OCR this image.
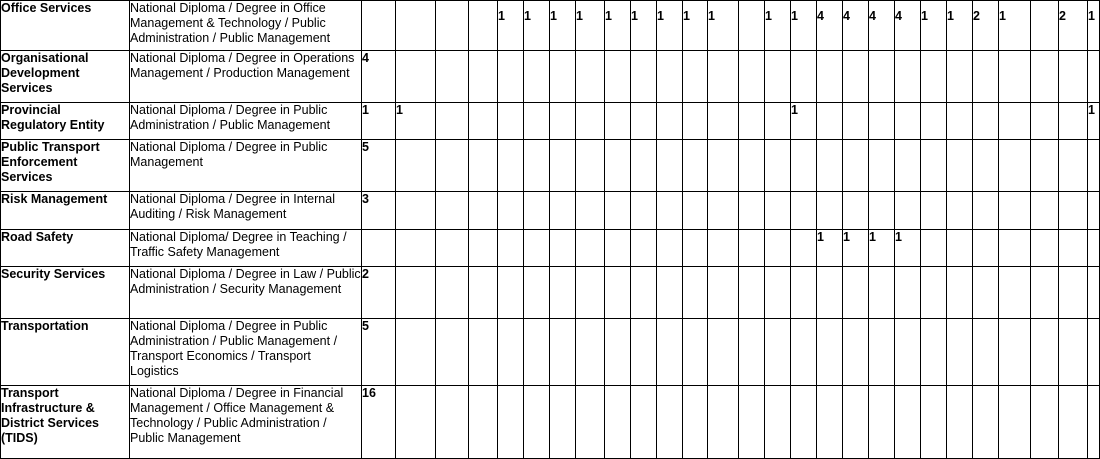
Office Services	National Diploma / Degree in Office Management & Technology / Public Administration / Public Management					1	1	1	1	1	1	1	1	1		1	1	4	4	4	4	1	1	2	1		2	1
Organisational Development Services	National Diploma / Degree in Operations Management / Production Management	4																										
Provincial Regulatory Entity	National Diploma / Degree in Public Administration / Public Management	1	1														1											1
Public Transport Enforcement Services	National Diploma / Degree in Public Management	5																										
Risk Management	National Diploma / Degree in Internal Auditing / Risk Management	3																										
Road Safety	National Diploma/ Degree in Teaching / Traffic Safety Management																	1	1	1	1							
Security Services	National Diploma / Degree in Law / Public Administration / Security Management	2																										
Transportation	National Diploma / Degree in Public Administration / Public Management / Transport Economics / Transport Logistics	5																										
Transport Infrastructure & District Services (TIDS)	National Diploma / Degree in Financial Management / Office Management & Technology / Public Administration / Public Management	16																										
